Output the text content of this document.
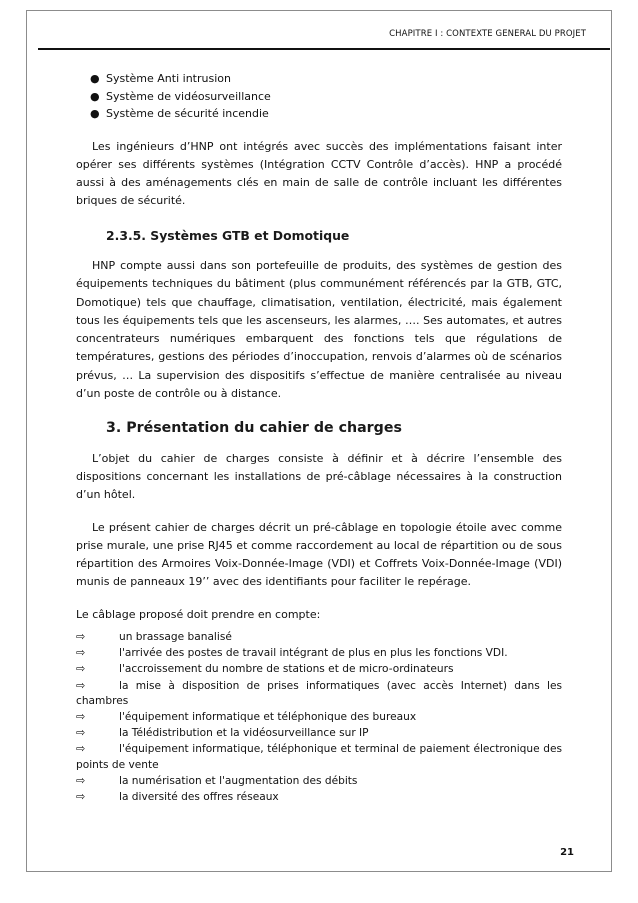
CHAPITRE I : CONTEXTE GENERAL DU PROJET
● Système Anti intrusion
● Système de vidéosurveillance
● Système de sécurité incendie

Les ingénieurs d’HNP ont intégrés avec succès des implémentations faisant inter opérer ses différents systèmes (Intégration CCTV Contrôle d’accès). HNP a procédé aussi à des aménagements clés en main de salle de contrôle incluant les différentes briques de sécurité.

2.3.5. Systèmes GTB et Domotique

HNP compte aussi dans son portefeuille de produits, des systèmes de gestion des équipements techniques du bâtiment (plus communément référencés par la GTB, GTC, Domotique) tels que chauffage, climatisation, ventilation, électricité, mais également tous les équipements tels que les ascenseurs, les alarmes, …. Ses automates, et autres concentrateurs numériques embarquent des fonctions tels que régulations de températures, gestions des périodes d’inoccupation, renvois d’alarmes où de scénarios prévus, … La supervision des dispositifs s’effectue de manière centralisée au niveau d’un poste de contrôle ou à distance.

3. Présentation du cahier de charges

L’objet du cahier de charges consiste à définir et à décrire l’ensemble des dispositions concernant les installations de pré-câblage nécessaires à la construction d’un hôtel.

Le présent cahier de charges décrit un pré-câblage en topologie étoile avec comme prise murale, une prise RJ45 et comme raccordement au local de répartition ou de sous répartition des Armoires Voix-Donnée-Image (VDI) et Coffrets Voix-Donnée-Image (VDI) munis de panneaux 19’’ avec des identifiants pour faciliter le repérage.

Le câblage proposé doit prendre en compte:
⇨	un brassage banalisé
⇨	l'arrivée des postes de travail intégrant de plus en plus les fonctions VDI.
⇨	l'accroissement du nombre de stations et de micro-ordinateurs
⇨	la mise à disposition de prises informatiques (avec accès Internet) dans les chambres
⇨	l'équipement informatique et téléphonique des bureaux
⇨	la Télédistribution et la vidéosurveillance sur IP
⇨	l'équipement informatique, téléphonique et terminal de paiement électronique des points de vente
⇨	la numérisation et l'augmentation des débits
⇨	la diversité des offres réseaux
21
